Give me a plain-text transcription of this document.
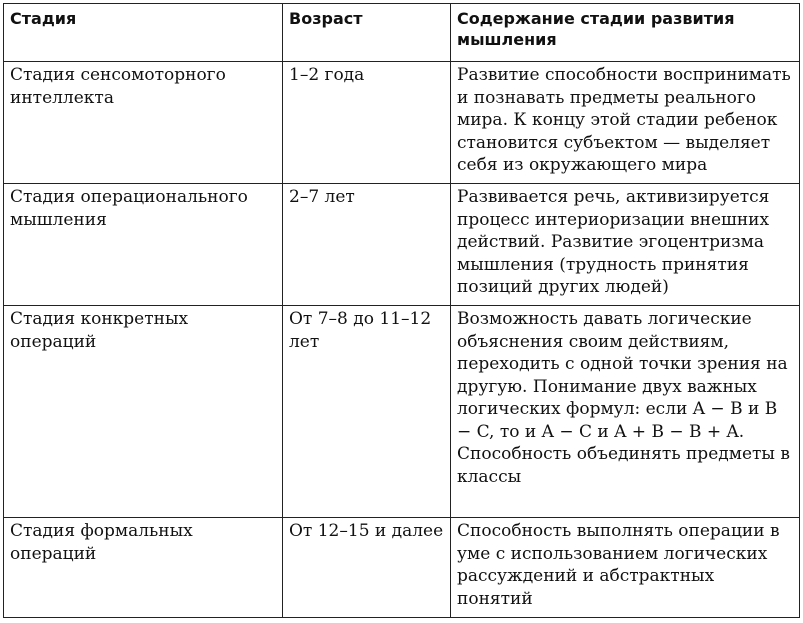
Стадия	Возраст	Содержание стадии развития мышления
Стадия сенсомоторного интеллекта	1–2 года	Развитие способности воспринимать и познавать предметы реального мира. К концу этой стадии ребенок становится субъектом — выделяет себя из окружающего мира
Стадия операционального мышления	2–7 лет	Развивается речь, активизируется процесс интериоризации внешних действий. Развитие эгоцентризма мышления (трудность принятия позиций других людей)
Стадия конкретных операций	От 7–8 до 11–12 лет	Возможность давать логические объяснения своим действиям, переходить с одной точки зрения на другую. Понимание двух важных логических формул: если A − B и B − C, то и A − C и A + B − B + A. Способность объединять предметы в классы
Стадия формальных операций	От 12–15 и далее	Способность выполнять операции в уме с использованием логических рассуждений и абстрактных понятий
